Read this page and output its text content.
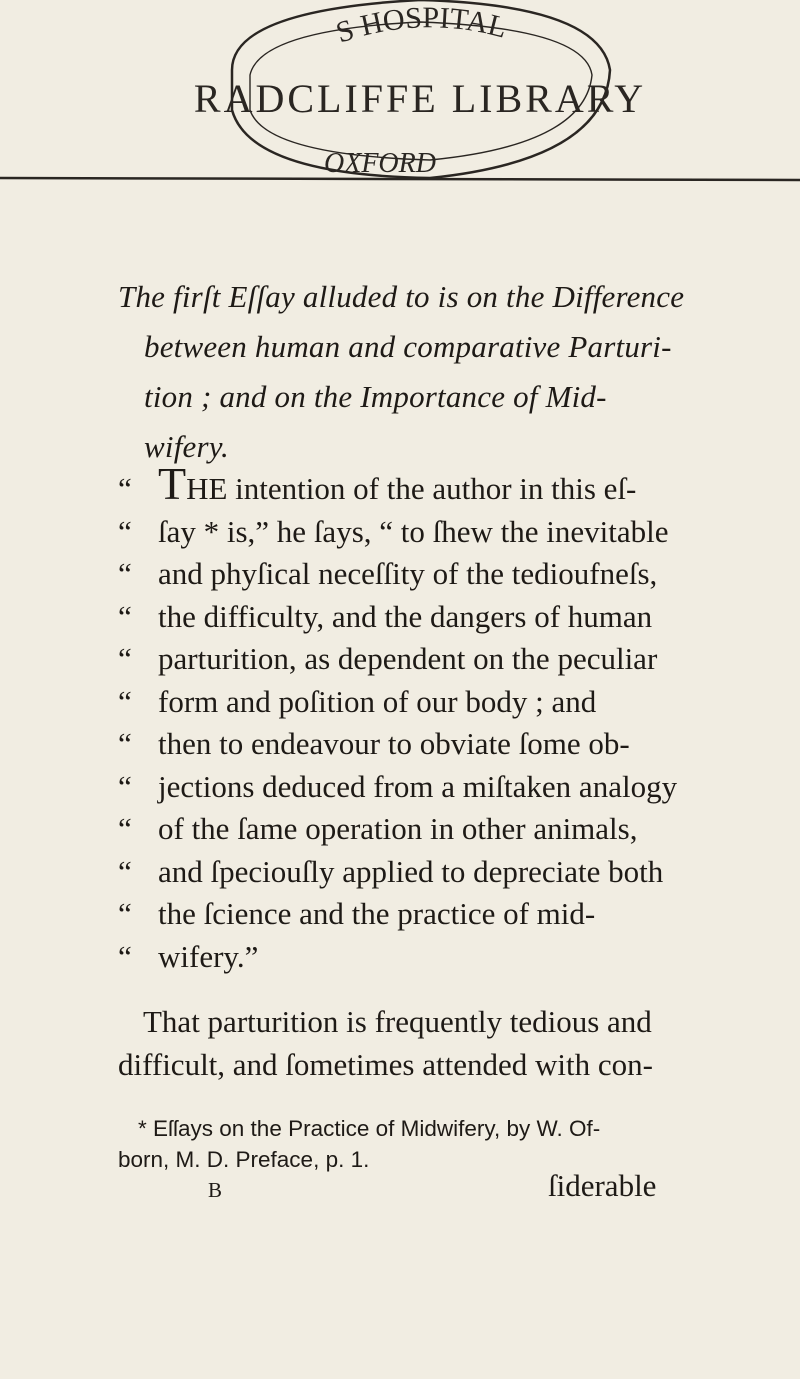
S HOSPITAL
RADCLIFFE LIBRARY
OXFORD
The firſt Eſſay alluded to is on the Difference
between human and comparative Parturi-
tion ; and on the Importance of Mid-
wifery.
“ THE intention of the author in this eſ-
“ ſay * is,” he ſays, “ to ſhew the inevitable
“ and phyſical neceſſity of the tedioufneſs,
“ the difficulty, and the dangers of human
“ parturition, as dependent on the peculiar
“ form and poſition of our body ; and
“ then to endeavour to obviate ſome ob-
“ jections deduced from a miſtaken analogy
“ of the ſame operation in other animals,
“ and ſpeciouſly applied to depreciate both
“ the ſcience and the practice of mid-
“ wifery.”
That parturition is frequently tedious and
difficult, and ſometimes attended with con-
* Eſſays on the Practice of Midwifery, by W. Of-
born, M. D. Preface, p. 1.
B	ſiderable
